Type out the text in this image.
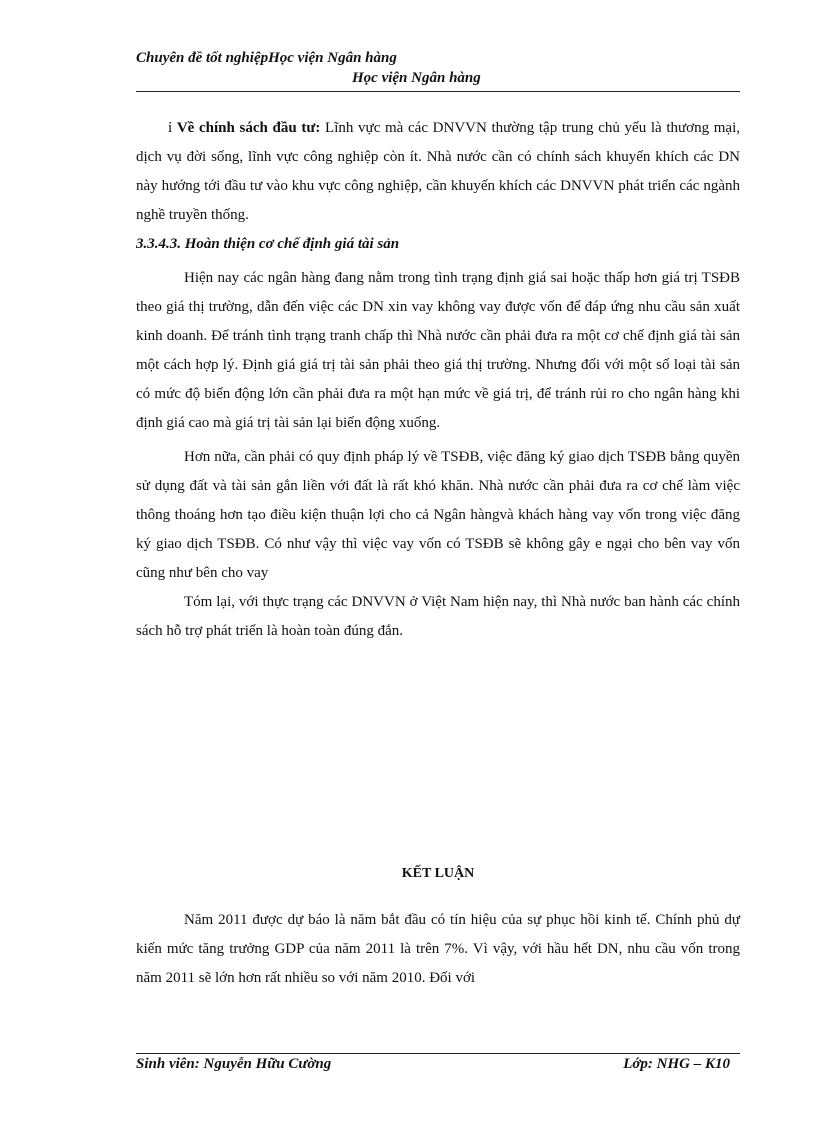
Chuyên đề tốt nghiệpHọc viện Ngân hàng
Học viện Ngân hàng

ỉ Về chính sách đầu tư: Lĩnh vực mà các DNVVN thường tập trung chủ yếu là thương mại, dịch vụ đời sống, lĩnh vực công nghiệp còn ít. Nhà nước cần có chính sách khuyến khích các DN này hướng tới đầu tư vào khu vực công nghiệp, cần khuyến khích các DNVVN phát triển các ngành nghề truyền thống.

3.3.4.3. Hoàn thiện cơ chế định giá tài sản

Hiện nay các ngân hàng đang nằm trong tình trạng định giá sai hoặc thấp hơn giá trị TSĐB theo giá thị trường, dẫn đến việc các DN xin vay không vay được vốn để đáp ứng nhu cầu sản xuất kinh doanh. Để tránh tình trạng tranh chấp thì Nhà nước cần phải đưa ra một cơ chế định giá tài sản một cách hợp lý. Định giá giá trị tài sản phải theo giá thị trường. Nhưng đối với một số loại tài sản có mức độ biến động lớn cần phải đưa ra một hạn mức về giá trị, để tránh rủi ro cho ngân hàng khi định giá cao mà giá trị tài sản lại biến động xuống.

Hơn nữa, cần phải có quy định pháp lý về TSĐB, việc đăng ký giao dịch TSĐB bằng quyền sử dụng đất và tài sản gắn liền với đất là rất khó khăn. Nhà nước cần phải đưa ra cơ chế làm việc thông thoáng hơn tạo điều kiện thuận lợi cho cả Ngân hàngvà khách hàng vay vốn trong việc đăng ký giao dịch TSĐB. Có như vậy thì việc vay vốn có TSĐB sẽ không gây e ngại cho bên vay vốn cũng như bên cho vay

Tóm lại, với thực trạng các DNVVN ở Việt Nam hiện nay, thì Nhà nước ban hành các chính sách hỗ trợ phát triển là hoàn toàn đúng đắn.

KẾT LUẬN

Năm 2011 được dự báo là năm bắt đầu có tín hiệu của sự phục hồi kinh tế. Chính phủ dự kiến mức tăng trưởng GDP của năm 2011 là trên 7%. Vì vậy, với hầu hết DN, nhu cầu vốn trong năm 2011 sẽ lớn hơn rất nhiều so với năm 2010. Đối với

Sinh viên: Nguyễn Hữu Cường	Lớp: NHG – K10
